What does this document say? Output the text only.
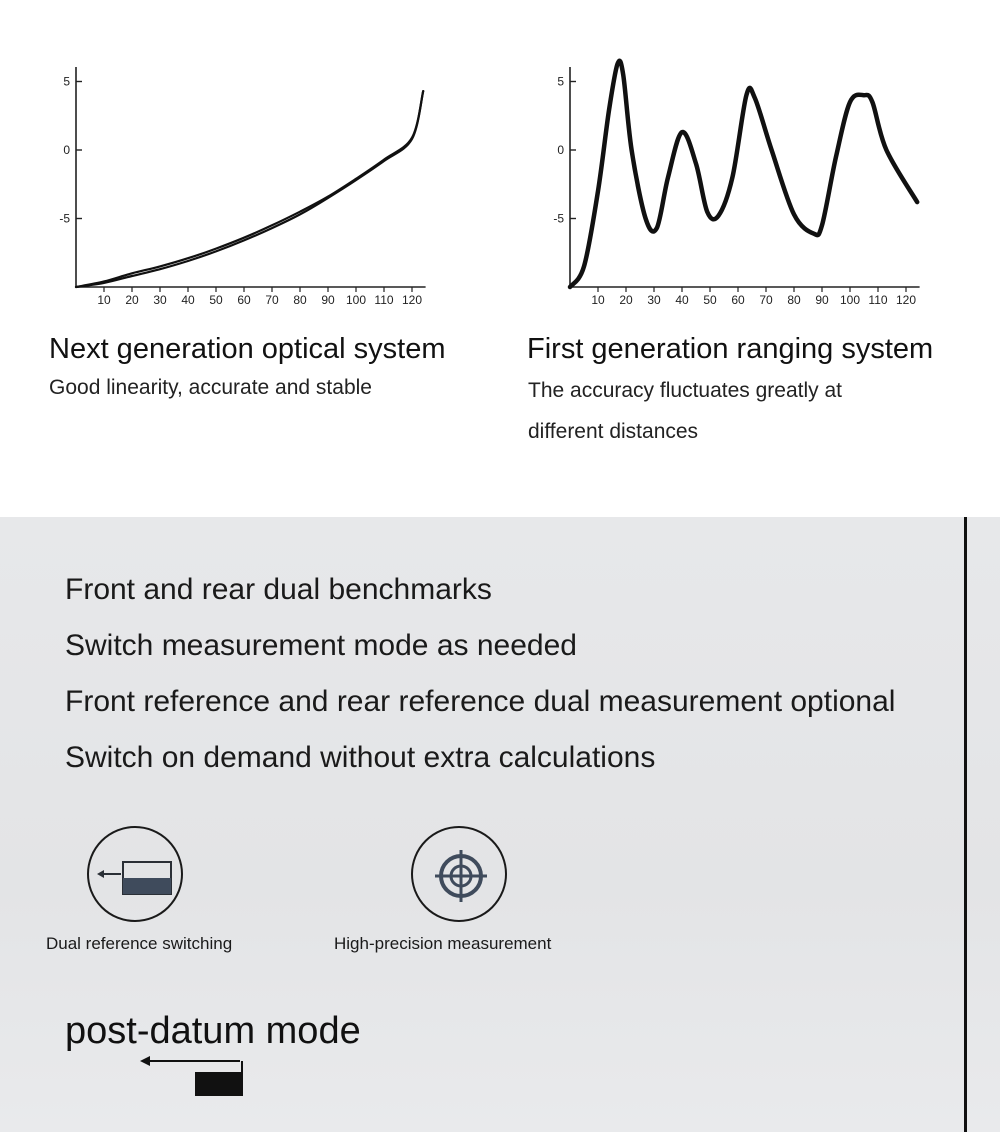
5
0
-5
10 20 30 40 50 60 70 80 90 100 110 120
Next generation optical system
Good linearity, accurate and stable
5
0
-5
10 20 30 40 50 60 70 80 90 100 110 120
First generation ranging system
The accuracy fluctuates greatly at
different distances
Front and rear dual benchmarks
Switch measurement mode as needed
Front reference and rear reference dual measurement optional
Switch on demand without extra calculations
Dual reference switching	High-precision measurement
post-datum mode
